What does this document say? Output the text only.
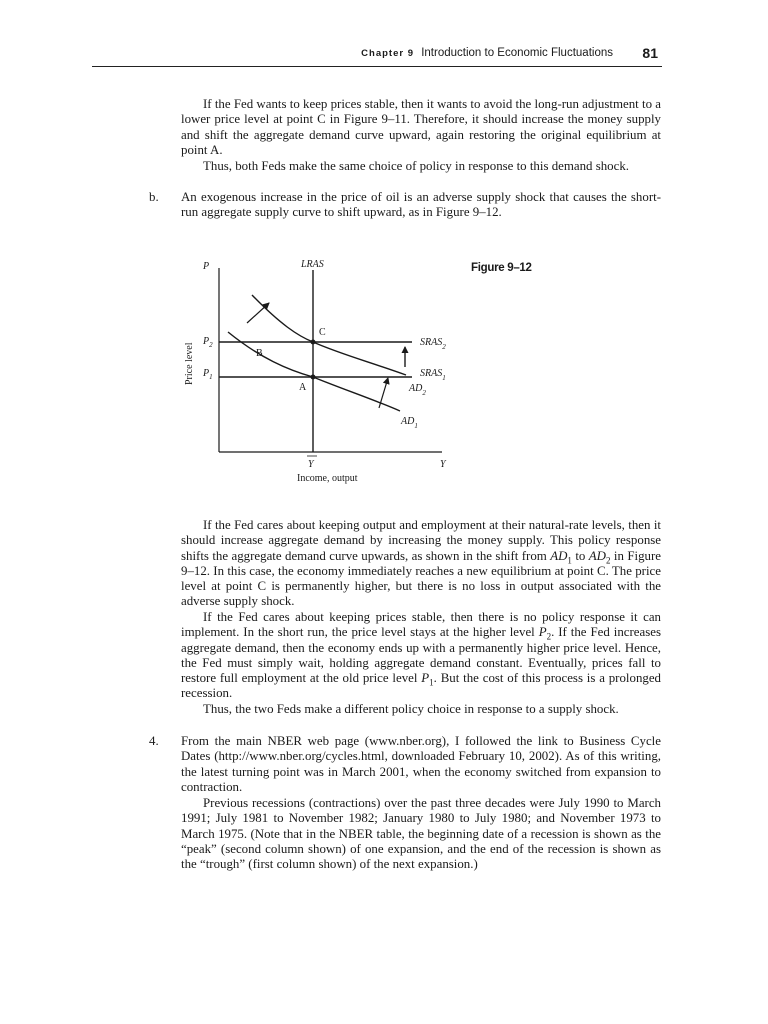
Chapter 9 Introduction to Economic Fluctuations 81

If the Fed wants to keep prices stable, then it wants to avoid the long-run adjustment to a lower price level at point C in Figure 9–11. Therefore, it should increase the money supply and shift the aggregate demand curve upward, again restoring the original equilibrium at point A.

Thus, both Feds make the same choice of policy in response to this demand shock.

b. An exogenous increase in the price of oil is an adverse supply shock that causes the short-run aggregate supply curve to shift upward, as in Figure 9–12.

Figure 9–12
P	LRAS
Y
Y
Income, output
Price level
$P_2$
$P_1$
C
B
A
$SRAS_2$
$SRAS_1$
$AD_2$
$AD_1$

If the Fed cares about keeping output and employment at their natural-rate levels, then it should increase aggregate demand by increasing the money supply. This policy response shifts the aggregate demand curve upwards, as shown in the shift from $AD_1$ to $AD_2$ in Figure 9–12. In this case, the economy immediately reaches a new equilibrium at point C. The price level at point C is permanently higher, but there is no loss in output associated with the adverse supply shock.

If the Fed cares about keeping prices stable, then there is no policy response it can implement. In the short run, the price level stays at the higher level $P_2$. If the Fed increases aggregate demand, then the economy ends up with a permanently higher price level. Hence, the Fed must simply wait, holding aggregate demand constant. Eventually, prices fall to restore full employment at the old price level $P_1$. But the cost of this process is a prolonged recession.

Thus, the two Feds make a different policy choice in response to a supply shock.

4. From the main NBER web page (www.nber.org), I followed the link to Business Cycle Dates (http://www.nber.org/cycles.html, downloaded February 10, 2002). As of this writing, the latest turning point was in March 2001, when the economy switched from expansion to contraction.

Previous recessions (contractions) over the past three decades were July 1990 to March 1991; July 1981 to November 1982; January 1980 to July 1980; and November 1973 to March 1975. (Note that in the NBER table, the beginning date of a recession is shown as the “peak” (second column shown) of one expansion, and the end of the recession is shown as the “trough” (first column shown) of the next expansion.)
